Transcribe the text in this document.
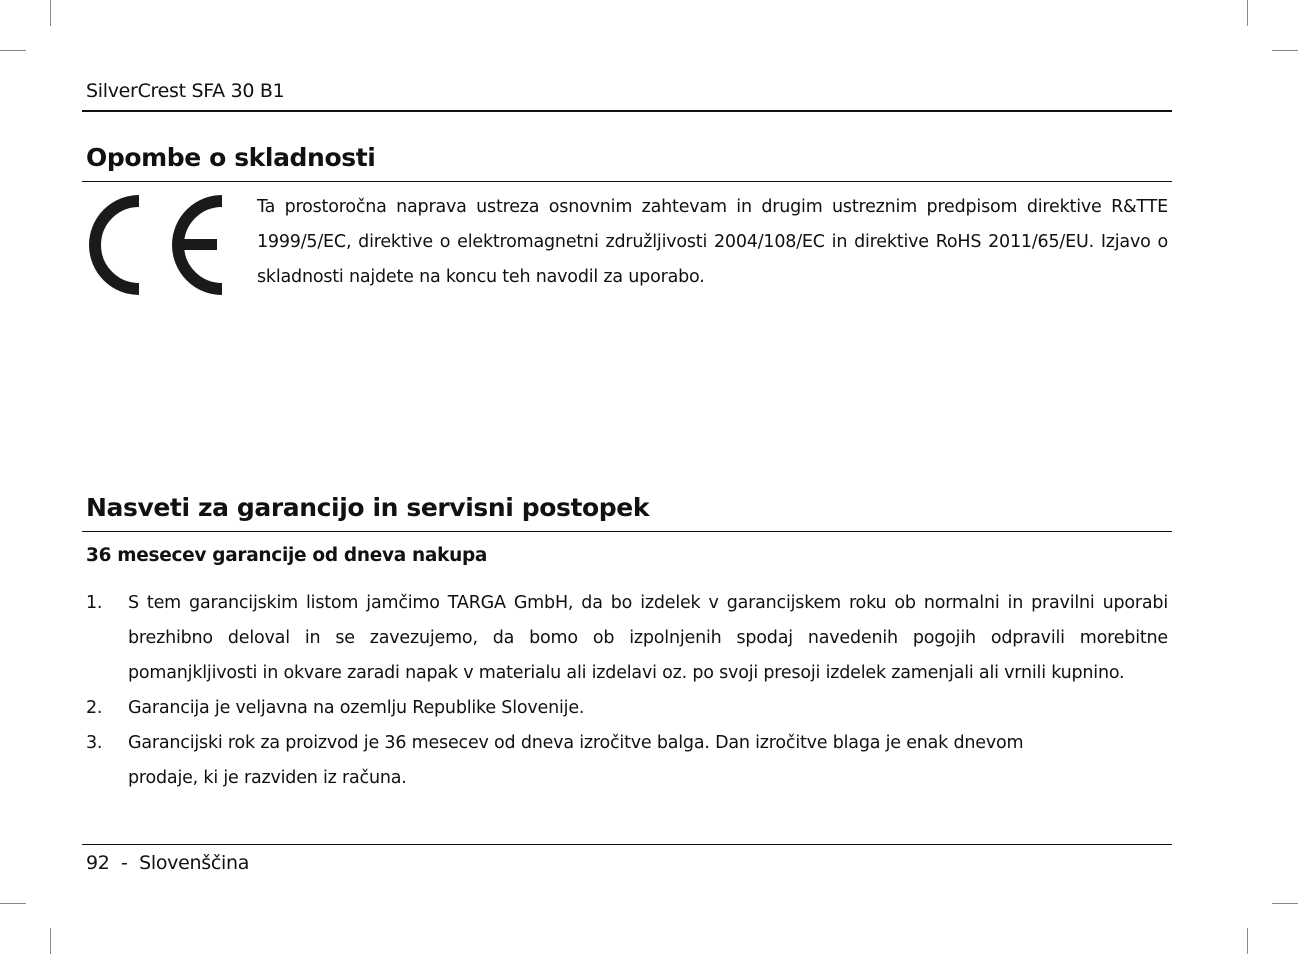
SilverCrest SFA 30 B1
Opombe o skladnosti
Ta prostoročna naprava ustreza osnovnim zahtevam in drugim ustreznim predpisom direktive R&TTE 1999/5/EC, direktive o elektromagnetni združljivosti 2004/108/EC in direktive RoHS 2011/65/EU. Izjavo o skladnosti najdete na koncu teh navodil za uporabo.
Nasveti za garancijo in servisni postopek
36 mesecev garancije od dneva nakupa
1. S tem garancijskim listom jamčimo TARGA GmbH, da bo izdelek v garancijskem roku ob normalni in pravilni uporabi brezhibno deloval in se zavezujemo, da bomo ob izpolnjenih spodaj navedenih pogojih odpravili morebitne pomanjkljivosti in okvare zaradi napak v materialu ali izdelavi oz. po svoji presoji izdelek zamenjali ali vrnili kupnino.
2. Garancija je veljavna na ozemlju Republike Slovenije.
3. Garancijski rok za proizvod je 36 mesecev od dneva izročitve balga. Dan izročitve blaga je enak dnevom
prodaje, ki je razviden iz računa.
92  -  Slovenščina
